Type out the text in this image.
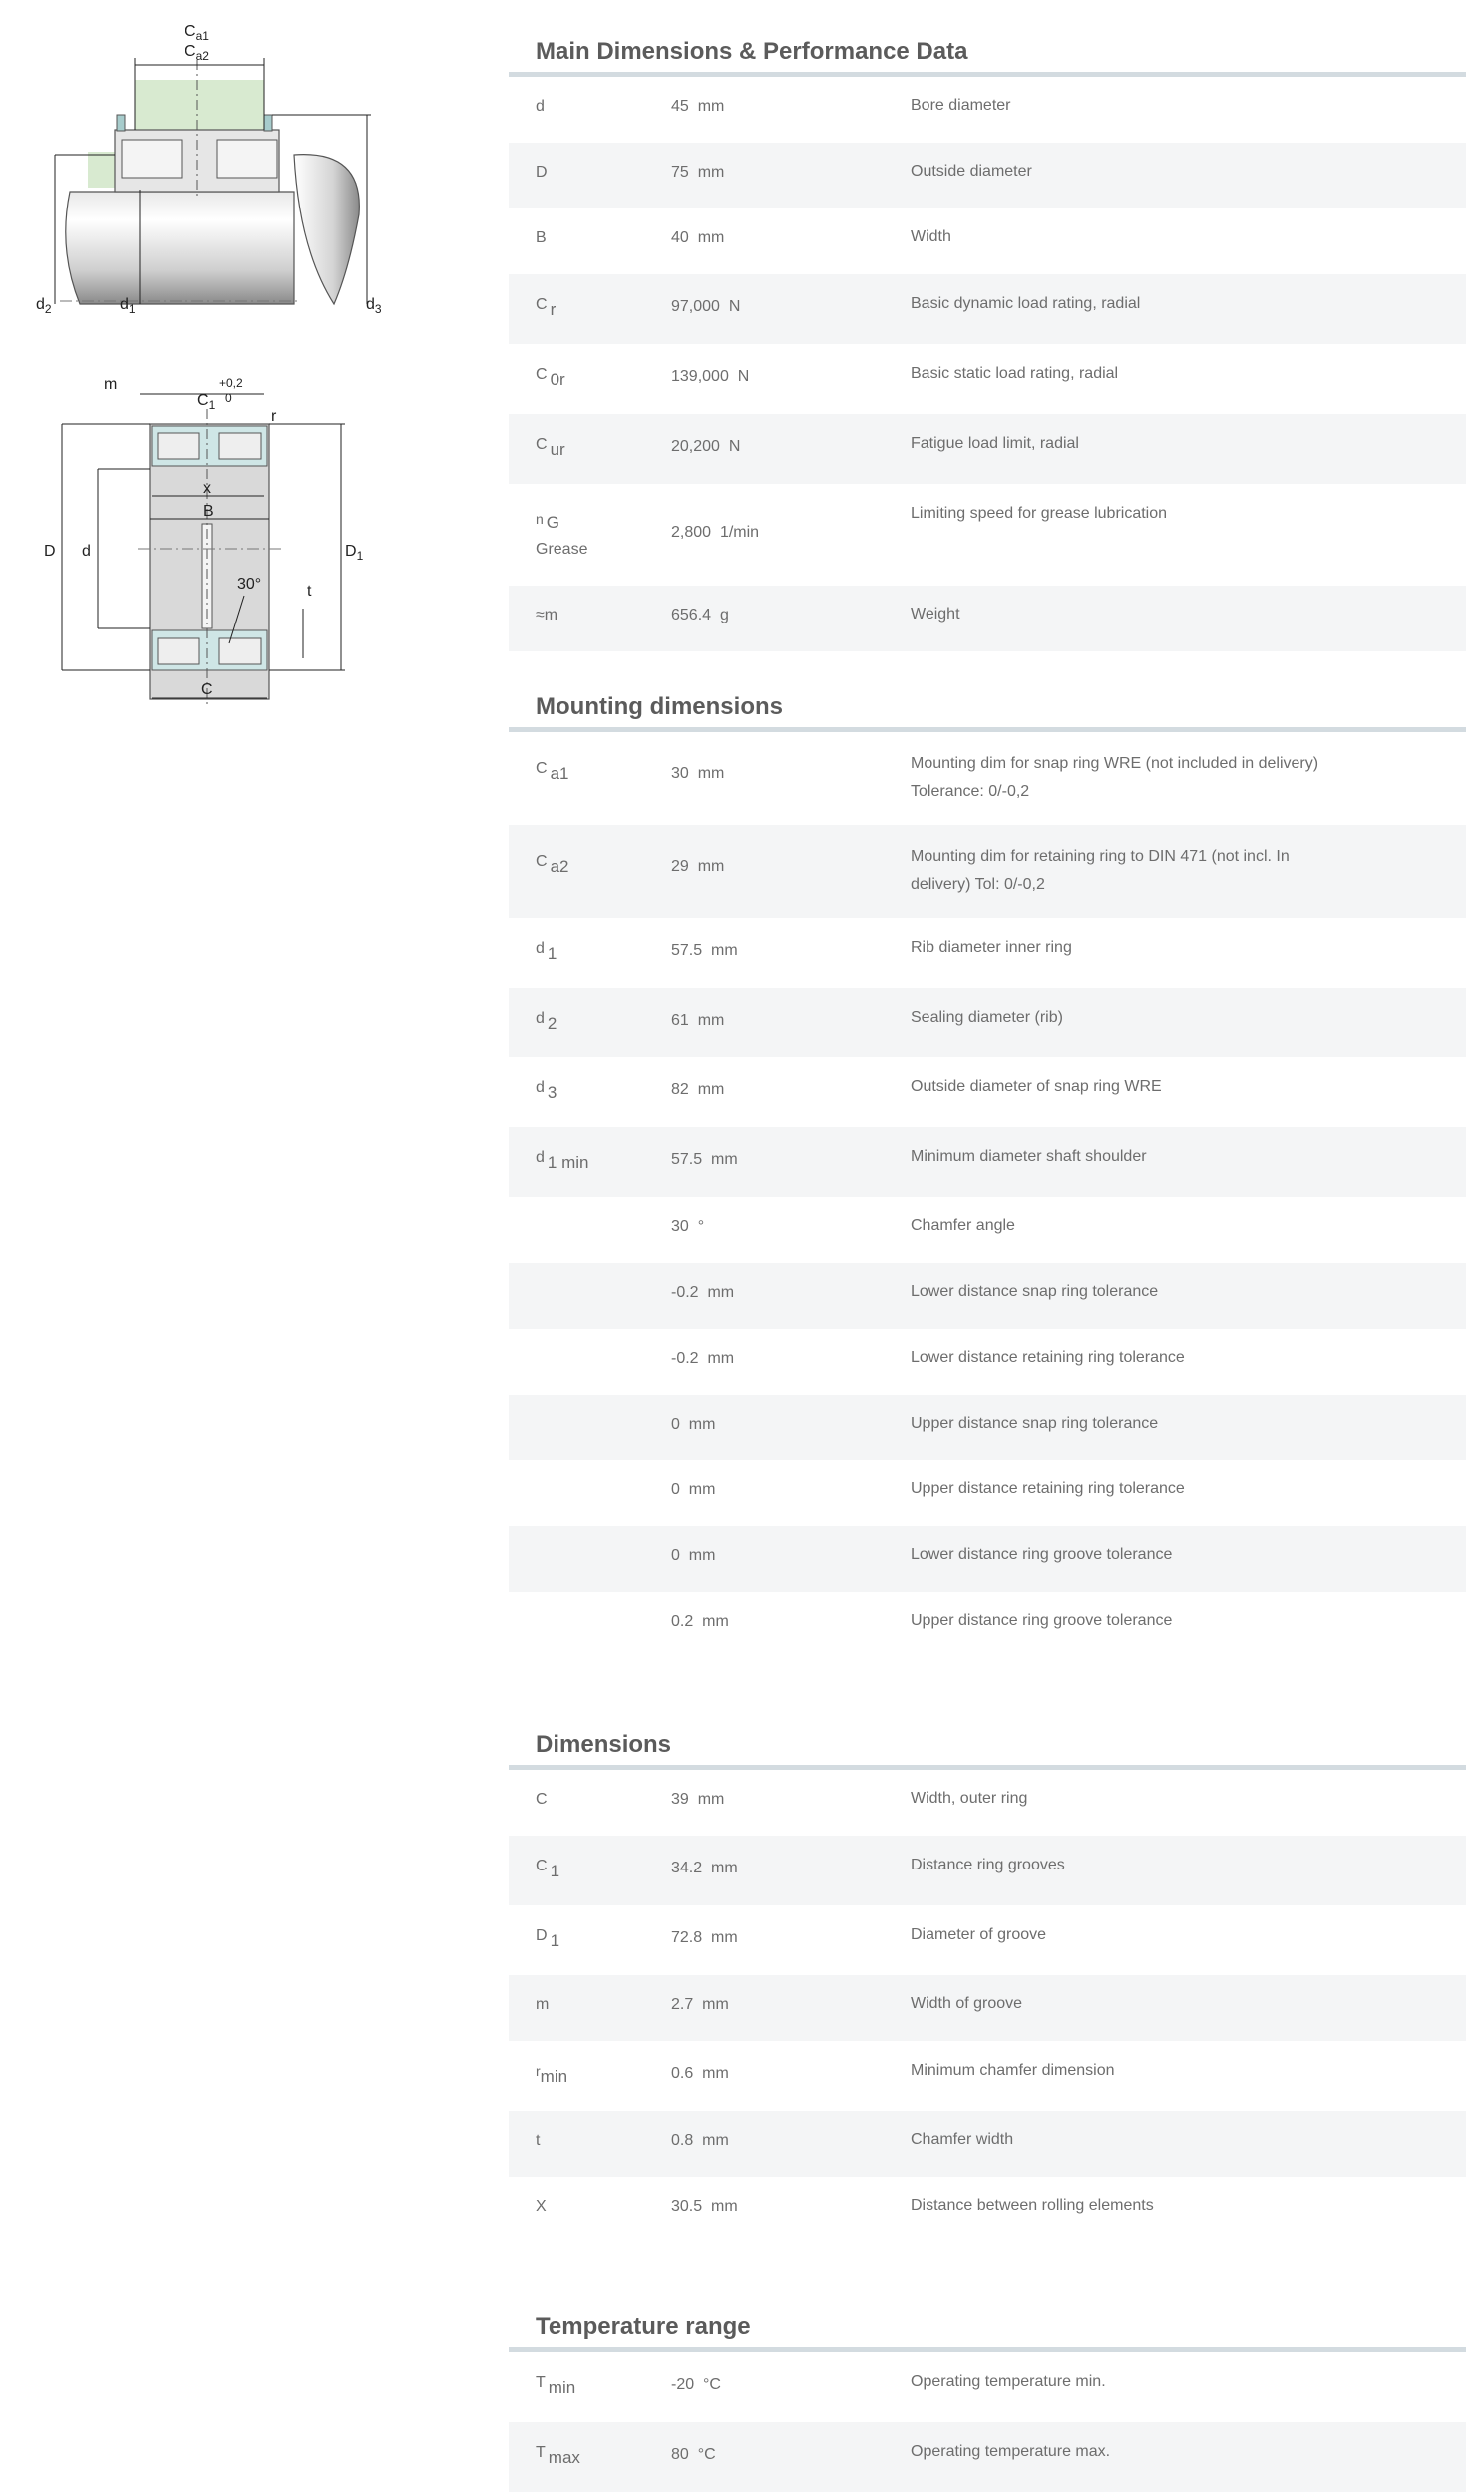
$C_{a1}$
$C_{a2}$
$d_2$	$d_1$	$d_3$
m
$C_1$
+0,2
0
r
x
B
D d	$D_1$
30°	t
C
Main Dimensions & Performance Data
d	45 mm	Bore diameter
D	75 mm	Outside diameter
B	40 mm	Width
C r	97,000 N	Basic dynamic load rating, radial
C 0r	139,000 N	Basic static load rating, radial
C ur	20,200 N	Fatigue load limit, radial
n G
Grease	2,800 1/min	Limiting speed for grease lubrication
≈m	656.4 g	Weight
Mounting dimensions
C a1	30 mm	Mounting dim for snap ring WRE (not included in delivery)
Tolerance: 0/-0,2
C a2	29 mm	Mounting dim for retaining ring to DIN 471 (not incl. In
delivery) Tol: 0/-0,2
d 1	57.5 mm	Rib diameter inner ring
d 2	61 mm	Sealing diameter (rib)
d 3	82 mm	Outside diameter of snap ring WRE
d 1 min	57.5 mm	Minimum diameter shaft shoulder
	30 °	Chamfer angle
	-0.2 mm	Lower distance snap ring tolerance
	-0.2 mm	Lower distance retaining ring tolerance
	0 mm	Upper distance snap ring tolerance
	0 mm	Upper distance retaining ring tolerance
	0 mm	Lower distance ring groove tolerance
	0.2 mm	Upper distance ring groove tolerance
Dimensions
C	39 mm	Width, outer ring
C 1	34.2 mm	Distance ring grooves
D 1	72.8 mm	Diameter of groove
m	2.7 mm	Width of groove
rmin	0.6 mm	Minimum chamfer dimension
t	0.8 mm	Chamfer width
X	30.5 mm	Distance between rolling elements
Temperature range
T min	-20 °C	Operating temperature min.
T max	80 °C	Operating temperature max.
